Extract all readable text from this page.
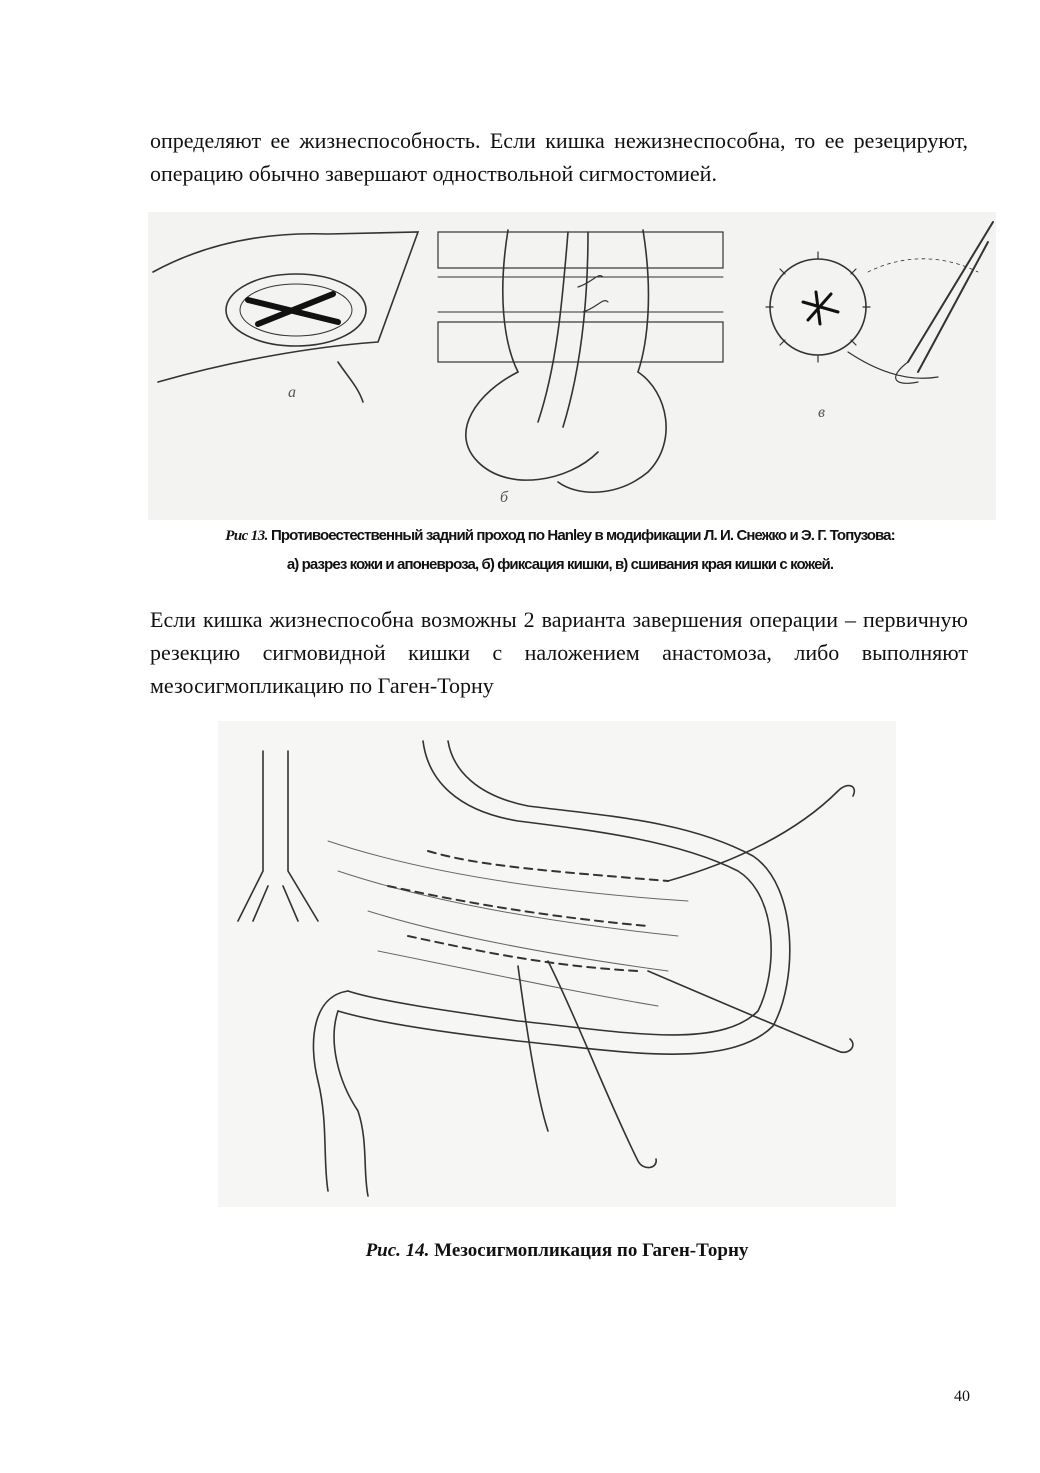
определяют ее жизнеспособность. Если кишка нежизнеспособна, то ее резецируют, операцию обычно завершают одноствольной сигмостомией.

а
б
в
Рис 13. Противоестественный задний проход по Hanley в модификации Л. И. Снежко и Э. Г. Топузова:
а) разрез кожи и апоневроза, б) фиксация кишки, в) сшивания края кишки с кожей.

Если кишка жизнеспособна возможны 2 варианта завершения операции – первичную резекцию сигмовидной кишки с наложением анастомоза, либо выполняют мезосигмопликацию по Гаген-Торну

Рис. 14. Мезосигмопликация по Гаген-Торну
40
